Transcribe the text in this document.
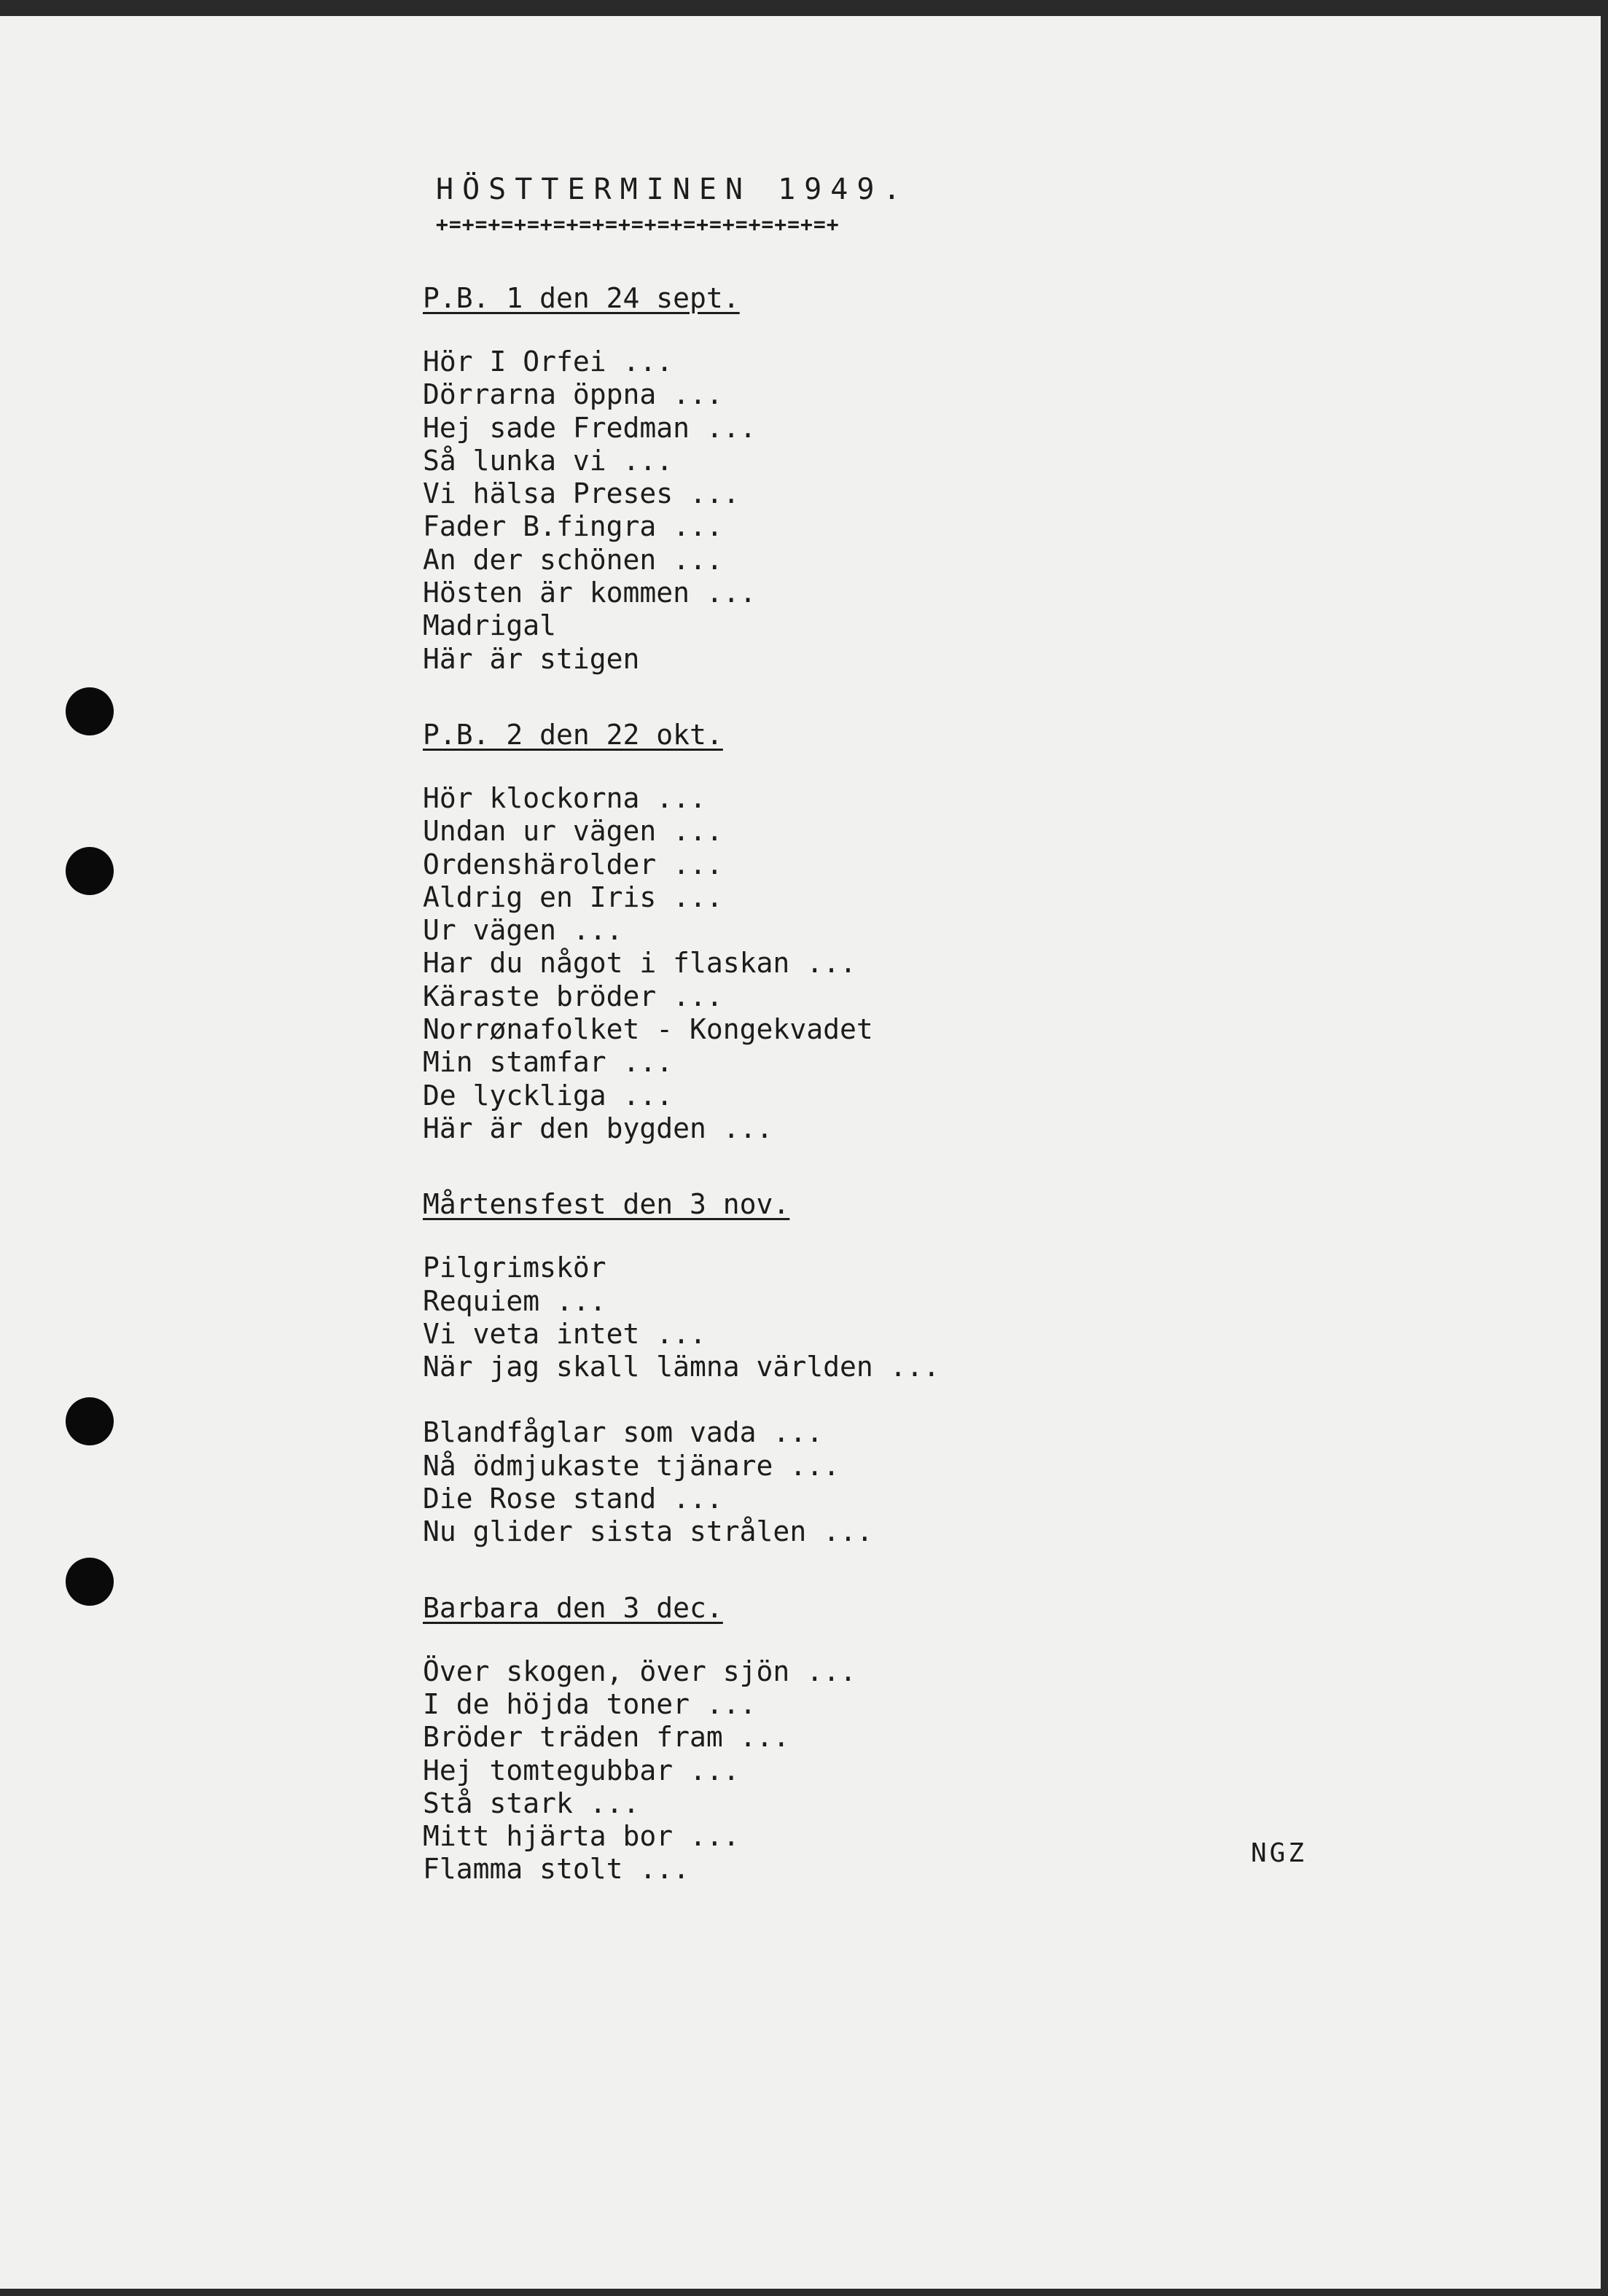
HÖSTTERMINEN 1949.
+=+=+=+=+=+=+=+=+=+=+=+=+=+=+=+
P.B. 1 den 24 sept.
Hör I Orfei ...
Dörrarna öppna ...
Hej sade Fredman ...
Så lunka vi ...
Vi hälsa Preses ...
Fader B.fingra ...
An der schönen ...
Hösten är kommen ...
Madrigal
Här är stigen
P.B. 2 den 22 okt.
Hör klockorna ...
Undan ur vägen ...
Ordenshärolder ...
Aldrig en Iris ...
Ur vägen ...
Har du något i flaskan ...
Käraste bröder ...
Norrønafolket - Kongekvadet
Min stamfar ...
De lyckliga ...
Här är den bygden ...
Mårtensfest den 3 nov.
Pilgrimskör
Requiem ...
Vi veta intet ...
När jag skall lämna världen ...
Blandfåglar som vada ...
Nå ödmjukaste tjänare ...
Die Rose stand ...
Nu glider sista strålen ...
Barbara den 3 dec.
Över skogen, över sjön ...
I de höjda toner ...
Bröder träden fram ...
Hej tomtegubbar ...
Stå stark ...
Mitt hjärta bor ...
Flamma stolt ...	NGZ
